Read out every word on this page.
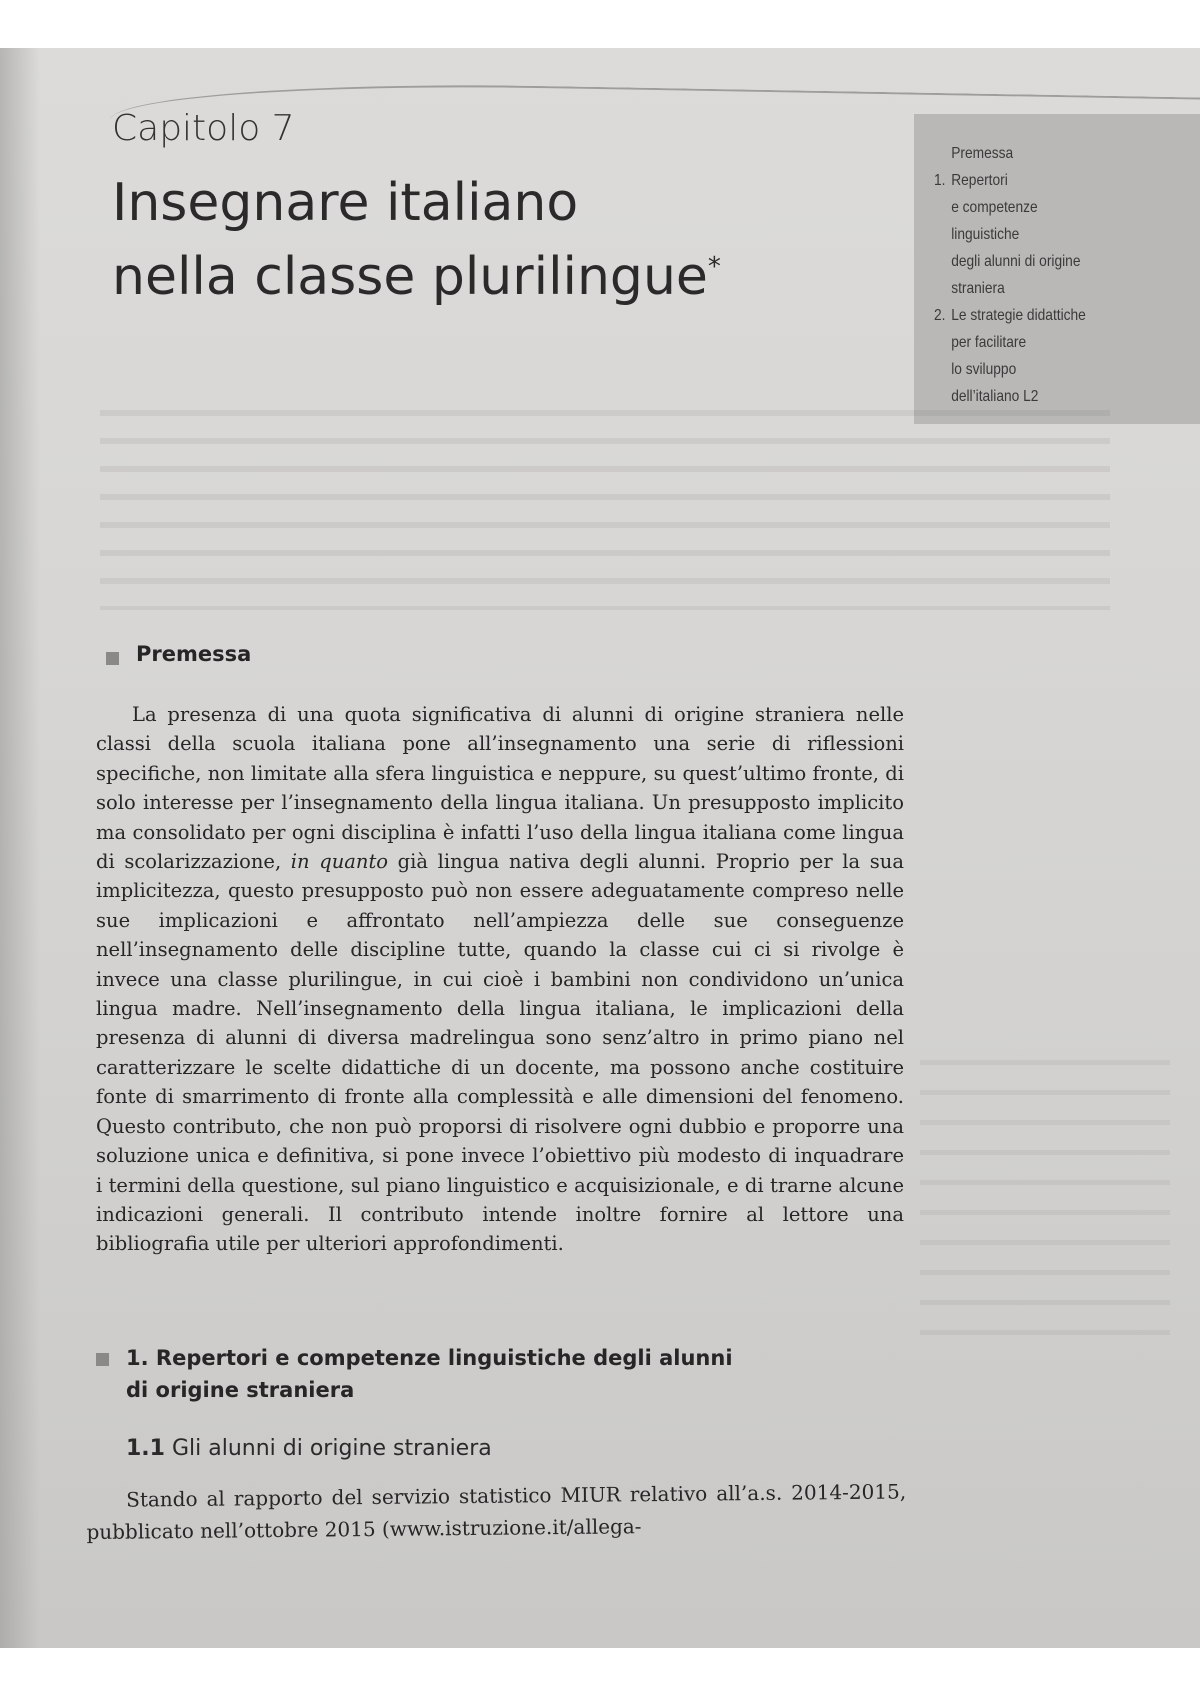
Capitolo 7
Insegnare italiano
nella classe plurilingue*
Premessa
1. Repertori
e competenze
linguistiche
degli alunni di origine
straniera
2. Le strategie didattiche
per facilitare
lo sviluppo
dell’italiano L2
Premessa
La presenza di una quota significativa di alunni di origine straniera nelle classi della scuola italiana pone all’insegnamento una serie di riflessioni specifiche, non limitate alla sfera linguistica e neppure, su quest’ultimo fronte, di solo interesse per l’insegnamento della lingua italiana. Un presupposto implicito ma consolidato per ogni disciplina è infatti l’uso della lingua italiana come lingua di scolarizzazione, in quanto già lingua nativa degli alunni. Proprio per la sua implicitezza, questo presupposto può non essere adeguatamente compreso nelle sue implicazioni e affrontato nell’ampiezza delle sue conseguenze nell’insegnamento delle discipline tutte, quando la classe cui ci si rivolge è invece una classe plurilingue, in cui cioè i bambini non condividono un’unica lingua madre. Nell’insegnamento della lingua italiana, le implicazioni della presenza di alunni di diversa madrelingua sono senz’altro in primo piano nel caratterizzare le scelte didattiche di un docente, ma possono anche costituire fonte di smarrimento di fronte alla complessità e alle dimensioni del fenomeno. Questo contributo, che non può proporsi di risolvere ogni dubbio e proporre una soluzione unica e definitiva, si pone invece l’obiettivo più modesto di inquadrare i termini della questione, sul piano linguistico e acquisizionale, e di trarne alcune indicazioni generali. Il contributo intende inoltre fornire al lettore una bibliografia utile per ulteriori approfondimenti.
1. Repertori e competenze linguistiche degli alunni
di origine straniera
1.1 Gli alunni di origine straniera
Stando al rapporto del servizio statistico MIUR relativo all’a.s. 2014-2015, pubblicato nell’ottobre 2015 (www.istruzione.it/allega-
